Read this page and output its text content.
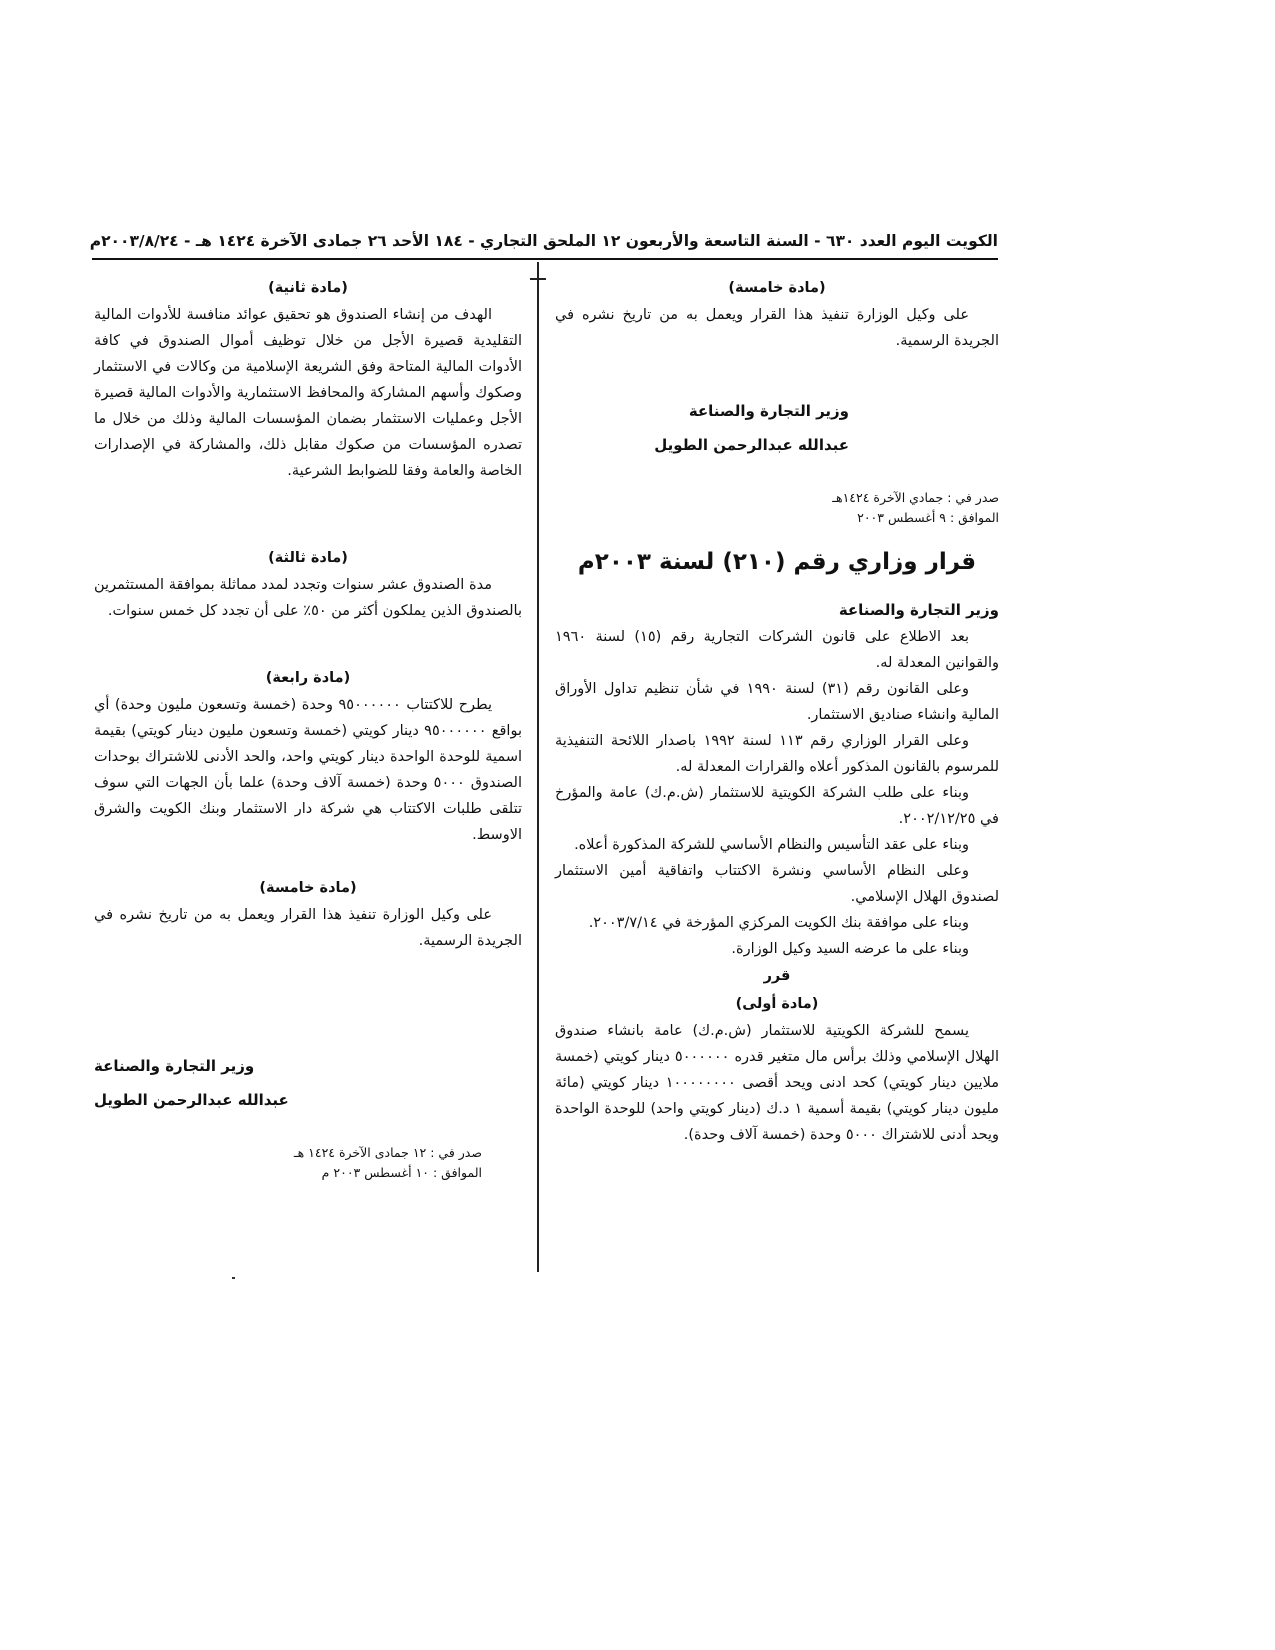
الكويت اليوم العدد ٦٣٠ - السنة التاسعة والأربعون ١٢ الملحق التجاري - ١٨٤ الأحد ٢٦ جمادى الآخرة ١٤٢٤ هـ - ٢٠٠٣/٨/٢٤م
(مادة خامسة)

على وكيل الوزارة تنفيذ هذا القرار ويعمل به من تاريخ نشره في الجريدة الرسمية.

وزير التجارة والصناعة
عبدالله عبدالرحمن الطويل
صدر في : جمادي الآخرة ١٤٢٤هـ
الموافق : ٩ أغسطس ٢٠٠٣
قرار وزاري رقم (٢١٠) لسنة ٢٠٠٣م
وزير التجارة والصناعة

بعد الاطلاع على قانون الشركات التجارية رقم (١٥) لسنة ١٩٦٠ والقوانين المعدلة له.

وعلى القانون رقم (٣١) لسنة ١٩٩٠ في شأن تنظيم تداول الأوراق المالية وانشاء صناديق الاستثمار.

وعلى القرار الوزاري رقم ١١٣ لسنة ١٩٩٢ باصدار اللائحة التنفيذية للمرسوم بالقانون المذكور أعلاه والقرارات المعدلة له.

وبناء على طلب الشركة الكويتية للاستثمار (ش.م.ك) عامة والمؤرخ في ٢٠٠٢/١٢/٢٥.

وبناء على عقد التأسيس والنظام الأساسي للشركة المذكورة أعلاه.

وعلى النظام الأساسي ونشرة الاكتتاب واتفاقية أمين الاستثمار لصندوق الهلال الإسلامي.

وبناء على موافقة بنك الكويت المركزي المؤرخة في ٢٠٠٣/٧/١٤.

وبناء على ما عرضه السيد وكيل الوزارة.

قرر
(مادة أولى)

يسمح للشركة الكويتية للاستثمار (ش.م.ك) عامة بانشاء صندوق الهلال الإسلامي وذلك برأس مال متغير قدره ٥٠٠٠٠٠٠ دينار كويتي (خمسة ملايين دينار كويتي) كحد ادنى ويحد أقصى ١٠٠٠٠٠٠٠٠ دينار كويتي (مائة مليون دينار كويتي) بقيمة أسمية ١ د.ك (دينار كويتي واحد) للوحدة الواحدة ويحد أدنى للاشتراك ٥٠٠٠ وحدة (خمسة آلاف وحدة).

(مادة ثانية)

الهدف من إنشاء الصندوق هو تحقيق عوائد منافسة للأدوات المالية التقليدية قصيرة الأجل من خلال توظيف أموال الصندوق في كافة الأدوات المالية المتاحة وفق الشريعة الإسلامية من وكالات في الاستثمار وصكوك وأسهم المشاركة والمحافظ الاستثمارية والأدوات المالية قصيرة الأجل وعمليات الاستثمار بضمان المؤسسات المالية وذلك من خلال ما تصدره المؤسسات من صكوك مقابل ذلك، والمشاركة في الإصدارات الخاصة والعامة وفقا للضوابط الشرعية.

(مادة ثالثة)

مدة الصندوق عشر سنوات وتجدد لمدد مماثلة بموافقة المستثمرين بالصندوق الذين يملكون أكثر من ٥٠٪ على أن تجدد كل خمس سنوات.

(مادة رابعة)

يطرح للاكتتاب ٩٥٠٠٠٠٠٠ وحدة (خمسة وتسعون مليون وحدة) أي بواقع ٩٥٠٠٠٠٠٠ دينار كويتي (خمسة وتسعون مليون دينار كويتي) بقيمة اسمية للوحدة الواحدة دينار كويتي واحد، والحد الأدنى للاشتراك بوحدات الصندوق ٥٠٠٠ وحدة (خمسة آلاف وحدة) علما بأن الجهات التي سوف تتلقى طلبات الاكتتاب هي شركة دار الاستثمار وبنك الكويت والشرق الاوسط.

(مادة خامسة)

على وكيل الوزارة تنفيذ هذا القرار ويعمل به من تاريخ نشره في الجريدة الرسمية.

وزير التجارة والصناعة
عبدالله عبدالرحمن الطويل
صدر في : ١٢ جمادى الآخرة ١٤٢٤ هـ
الموافق : ١٠ أغسطس ٢٠٠٣ م
